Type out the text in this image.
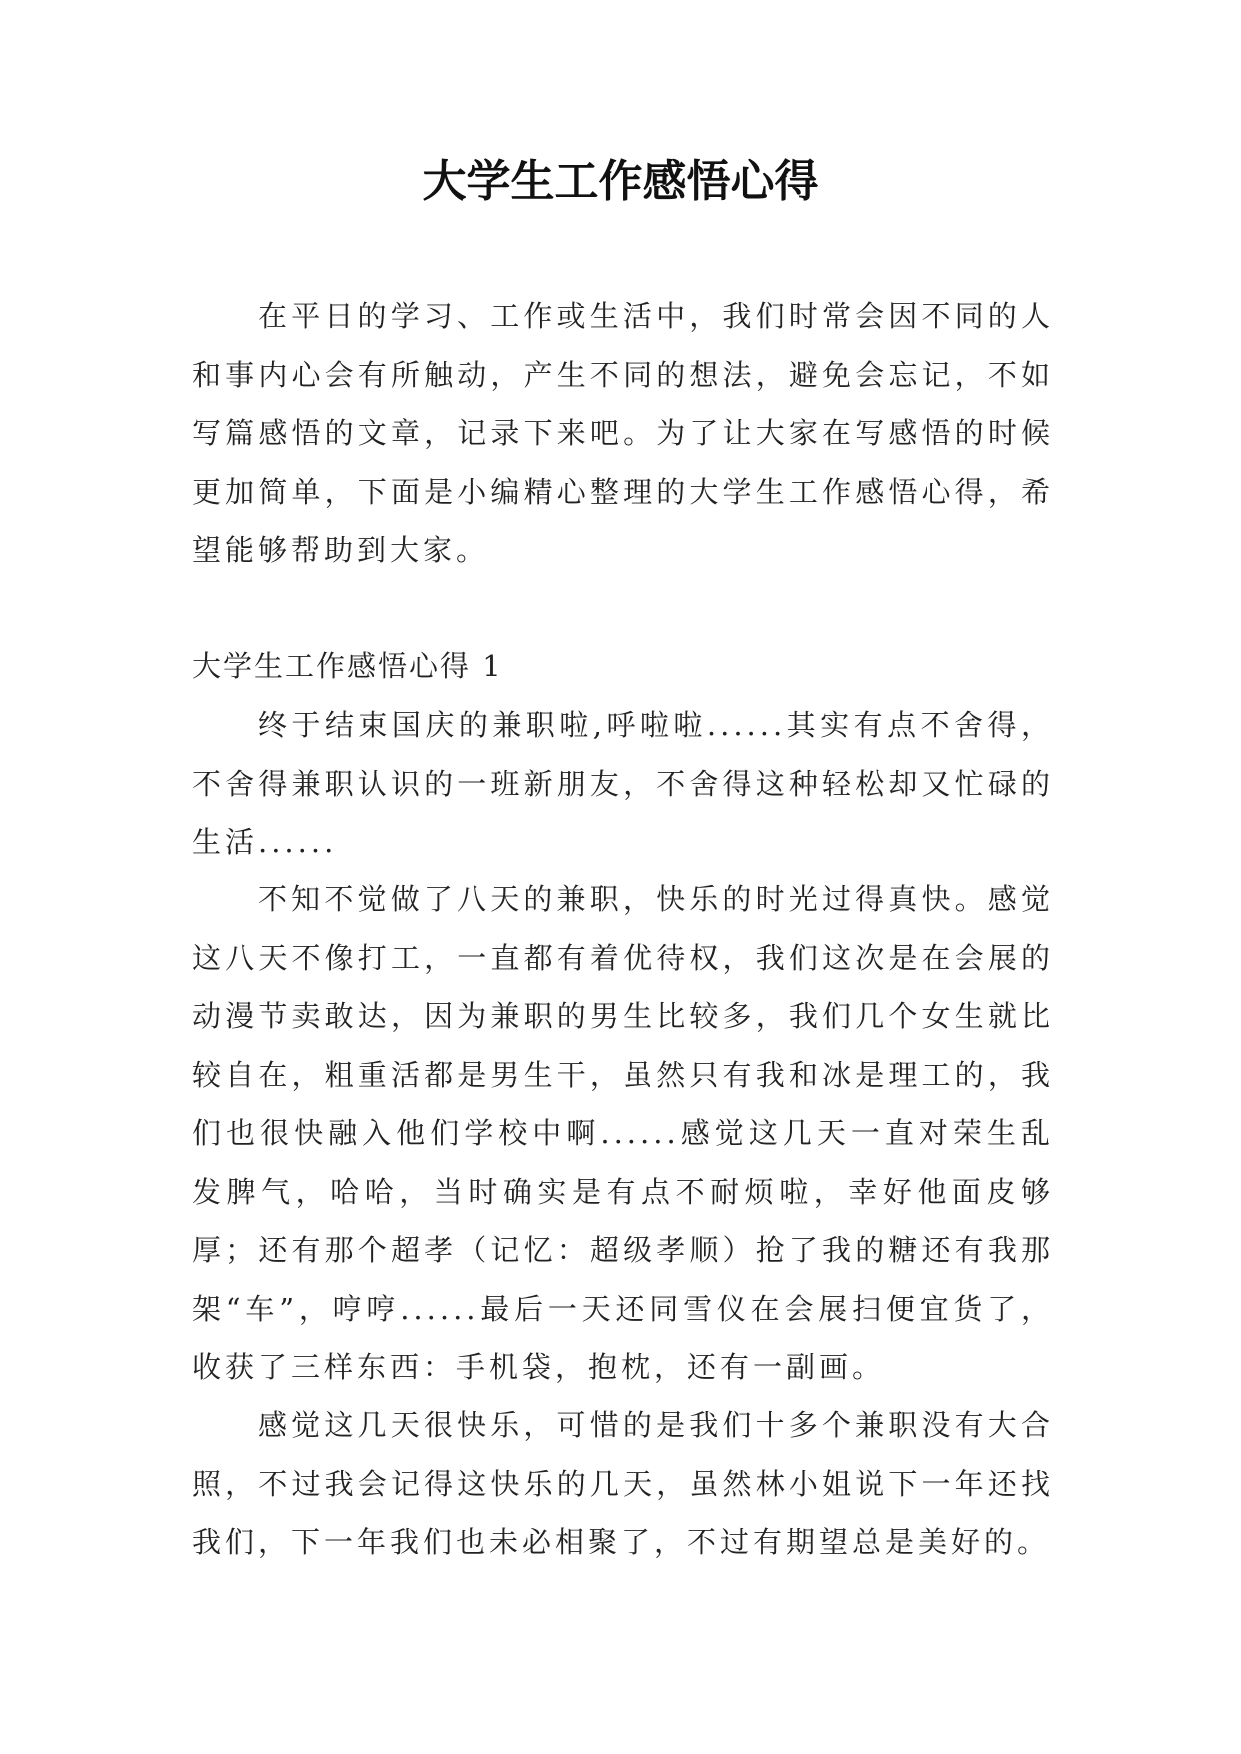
大学生工作感悟心得

在平日的学习、工作或生活中，我们时常会因不同的人和事内心会有所触动，产生不同的想法，避免会忘记，不如写篇感悟的文章，记录下来吧。为了让大家在写感悟的时候更加简单，下面是小编精心整理的大学生工作感悟心得，希望能够帮助到大家。

大学生工作感悟心得 1

终于结束国庆的兼职啦,呼啦啦......其实有点不舍得，不舍得兼职认识的一班新朋友，不舍得这种轻松却又忙碌的生活......

不知不觉做了八天的兼职，快乐的时光过得真快。感觉这八天不像打工，一直都有着优待权，我们这次是在会展的动漫节卖敢达，因为兼职的男生比较多，我们几个女生就比较自在，粗重活都是男生干，虽然只有我和冰是理工的，我们也很快融入他们学校中啊......感觉这几天一直对荣生乱发脾气，哈哈，当时确实是有点不耐烦啦，幸好他面皮够厚；还有那个超孝（记忆：超级孝顺）抢了我的糖还有我那架“车”，哼哼......最后一天还同雪仪在会展扫便宜货了，收获了三样东西：手机袋，抱枕，还有一副画。

感觉这几天很快乐，可惜的是我们十多个兼职没有大合照，不过我会记得这快乐的几天，虽然林小姐说下一年还找我们，下一年我们也未必相聚了，不过有期望总是美好的。
